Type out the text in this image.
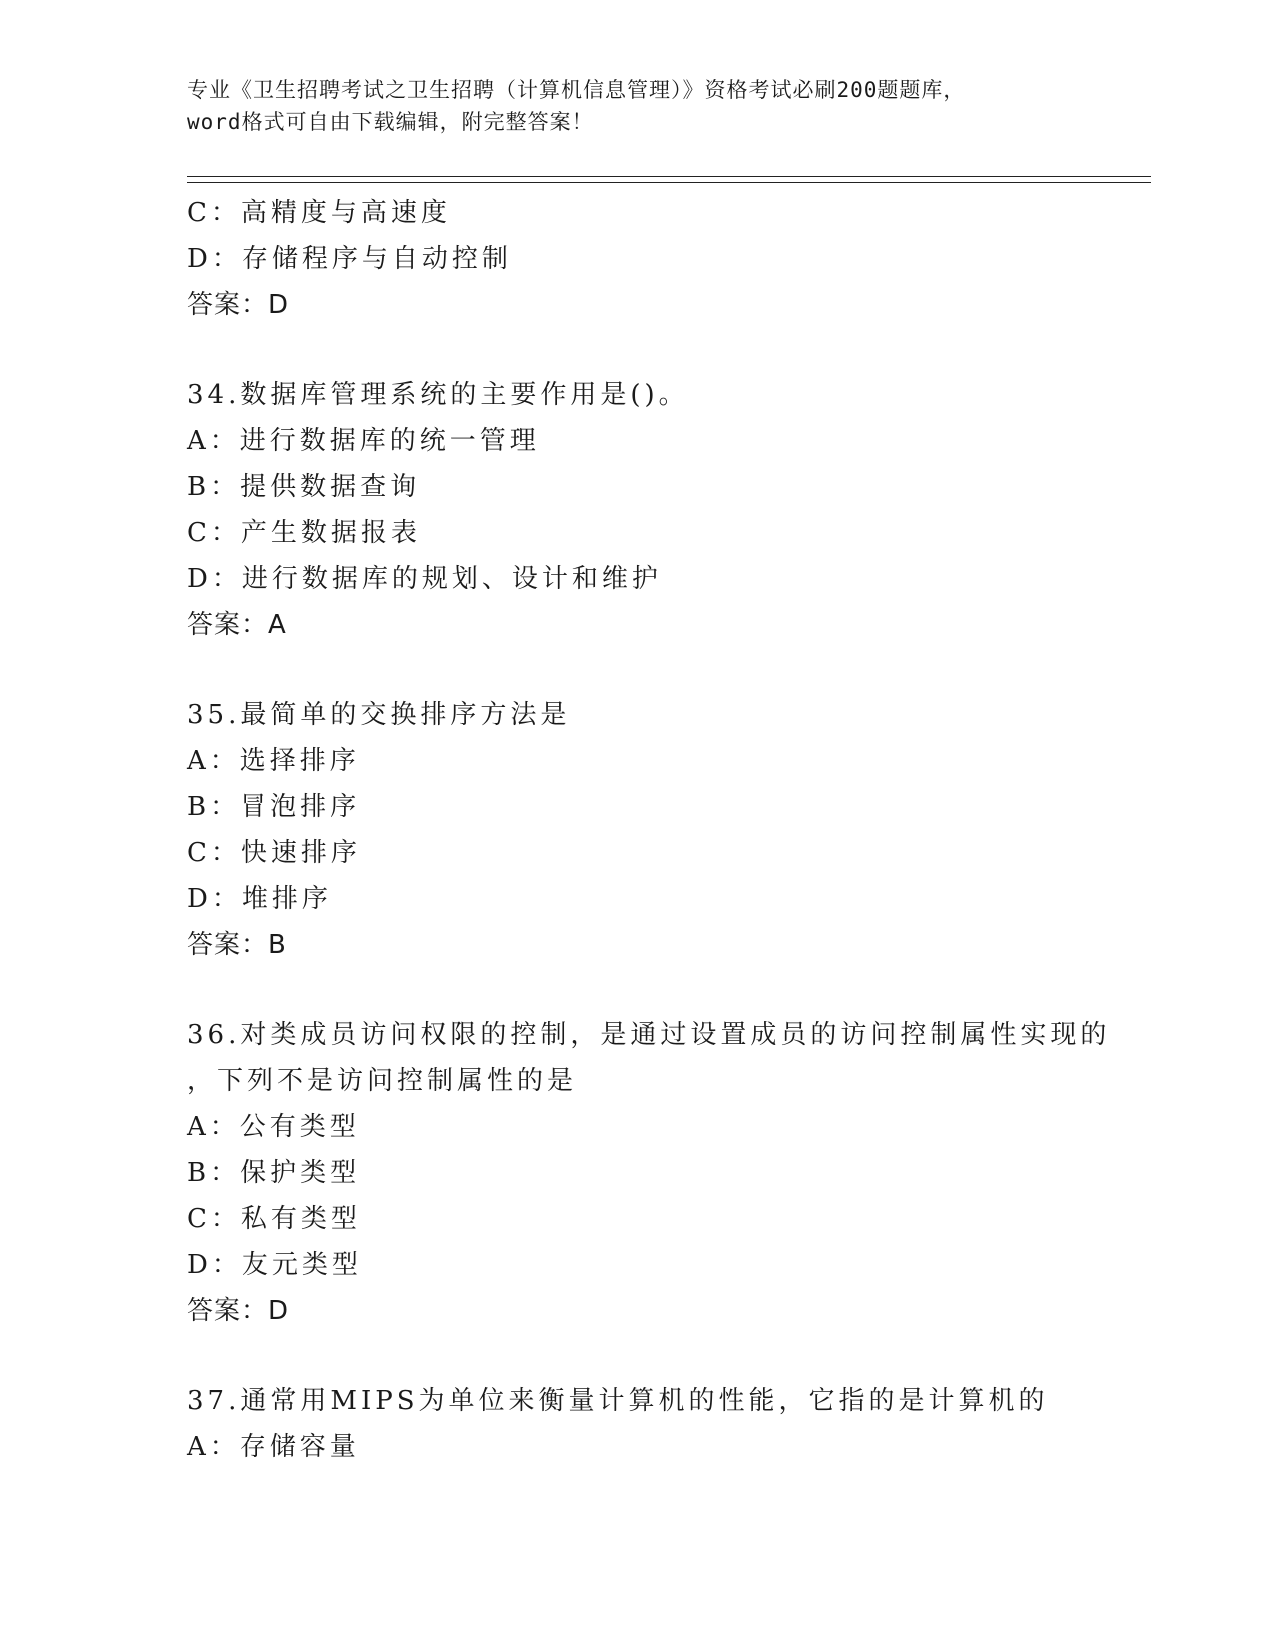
专业《卫生招聘考试之卫生招聘（计算机信息管理）》资格考试必刷200题题库，
word格式可自由下载编辑，附完整答案！
C：高精度与高速度
D：存储程序与自动控制
答案：D
34.数据库管理系统的主要作用是()。
A：进行数据库的统一管理
B：提供数据查询
C：产生数据报表
D：进行数据库的规划、设计和维护
答案：A
35.最简单的交换排序方法是
A：选择排序
B：冒泡排序
C：快速排序
D：堆排序
答案：B
36.对类成员访问权限的控制，是通过设置成员的访问控制属性实现的
，下列不是访问控制属性的是
A：公有类型
B：保护类型
C：私有类型
D：友元类型
答案：D
37.通常用MIPS为单位来衡量计算机的性能，它指的是计算机的
A：存储容量
